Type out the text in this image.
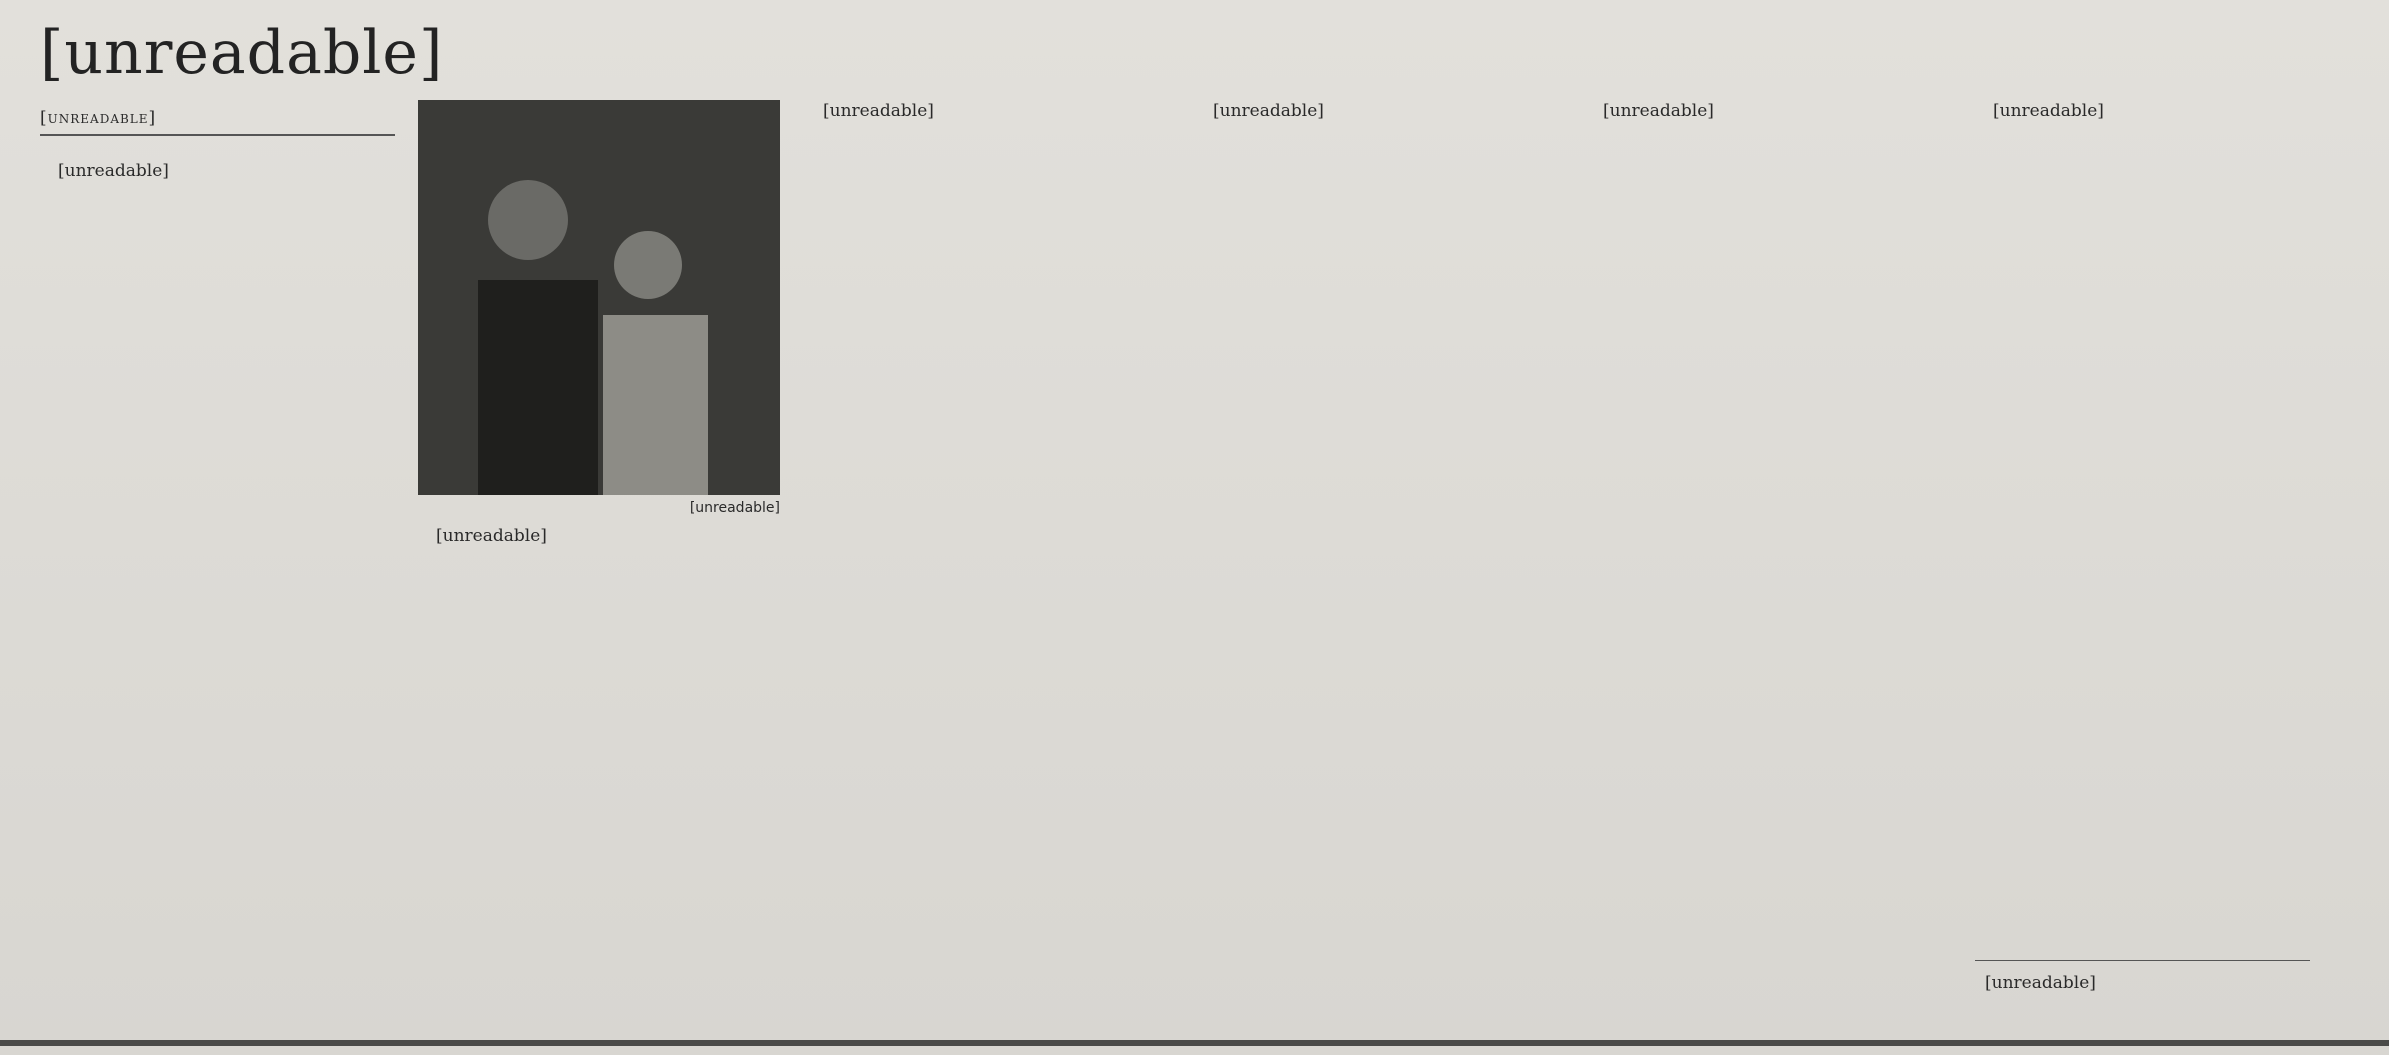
[unreadable]
[unreadable]
[unreadable]

[unreadable]

[unreadable]

[unreadable]	[unreadable]	[unreadable]	[unreadable]

[unreadable]
